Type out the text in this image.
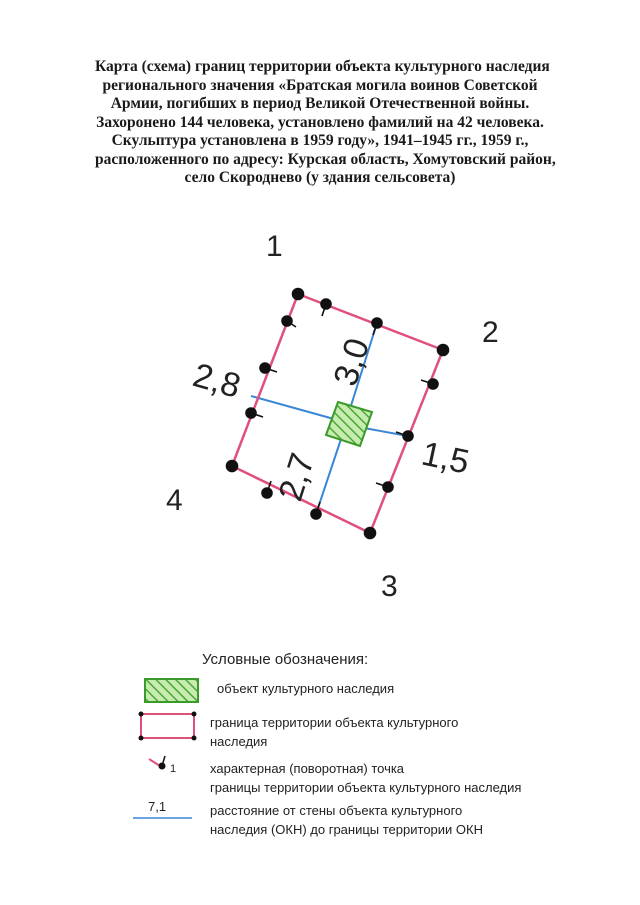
Карта (схема) границ территории объекта культурного наследия
регионального значения «Братская могила воинов Советской
Армии, погибших в период Великой Отечественной войны.
Захоронено 144 человека, установлено фамилий на 42 человека.
Скульптура установлена в 1959 году», 1941–1945 гг., 1959 г.,
расположенного по адресу: Курская область, Хомутовский район,
село Скороднево (у здания сельсовета)
1
2
3
4
3,0
2,8
1,5
2,7
Условные обозначения:
1
7,1
объект культурного наследия
граница территории объекта культурного
наследия
характерная (поворотная) точка
границы территории объекта культурного наследия
расстояние от стены объекта культурного
наследия (ОКН) до границы территории ОКН
